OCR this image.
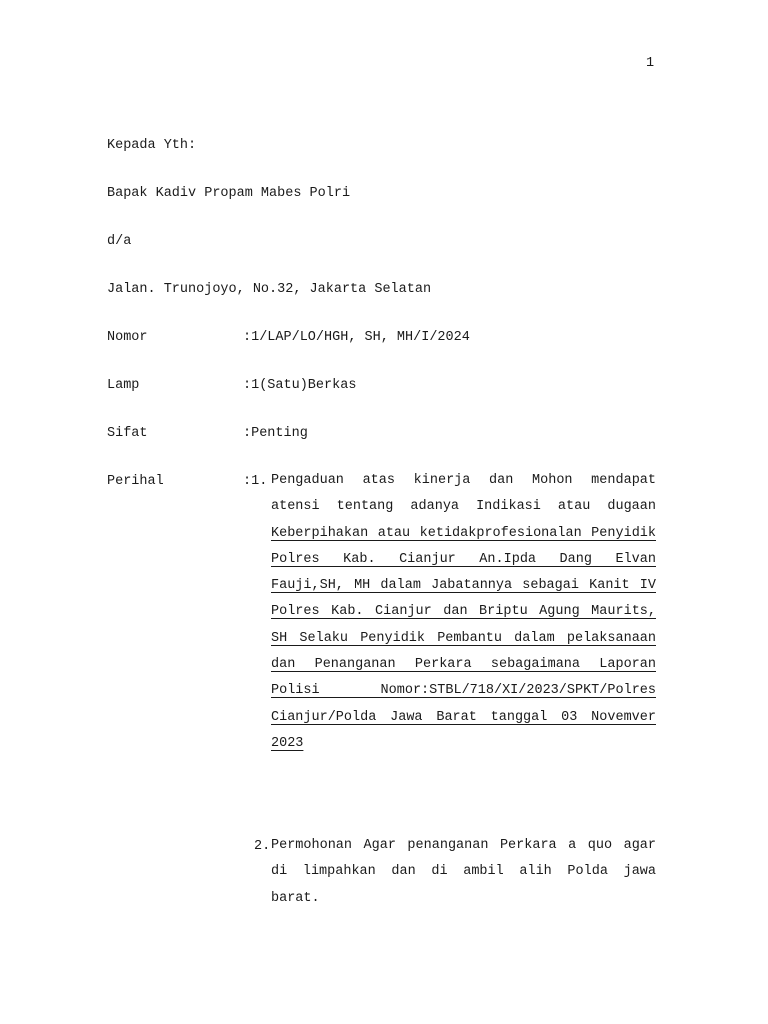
1
Kepada Yth:
Bapak Kadiv Propam Mabes Polri
d/a
Jalan. Trunojoyo, No.32, Jakarta Selatan
Nomor	:1/LAP/LO/HGH, SH, MH/I/2024
Lamp	:1(Satu)Berkas
Sifat	:Penting
Perihal	:1. Pengaduan atas kinerja dan Mohon mendapat atensi tentang adanya Indikasi atau dugaan Keberpihakan atau ketidakprofesionalan Penyidik Polres Kab. Cianjur An.Ipda Dang Elvan Fauji,SH, MH dalam Jabatannya sebagai Kanit IV Polres Kab. Cianjur dan Briptu Agung Maurits, SH Selaku Penyidik Pembantu dalam pelaksanaan dan Penanganan Perkara sebagaimana Laporan Polisi Nomor:STBL/718/XI/2023/SPKT/Polres Cianjur/Polda Jawa Barat tanggal 03 Novemver 2023
2. Permohonan Agar penanganan Perkara a quo agar di limpahkan dan di ambil alih Polda jawa barat.
